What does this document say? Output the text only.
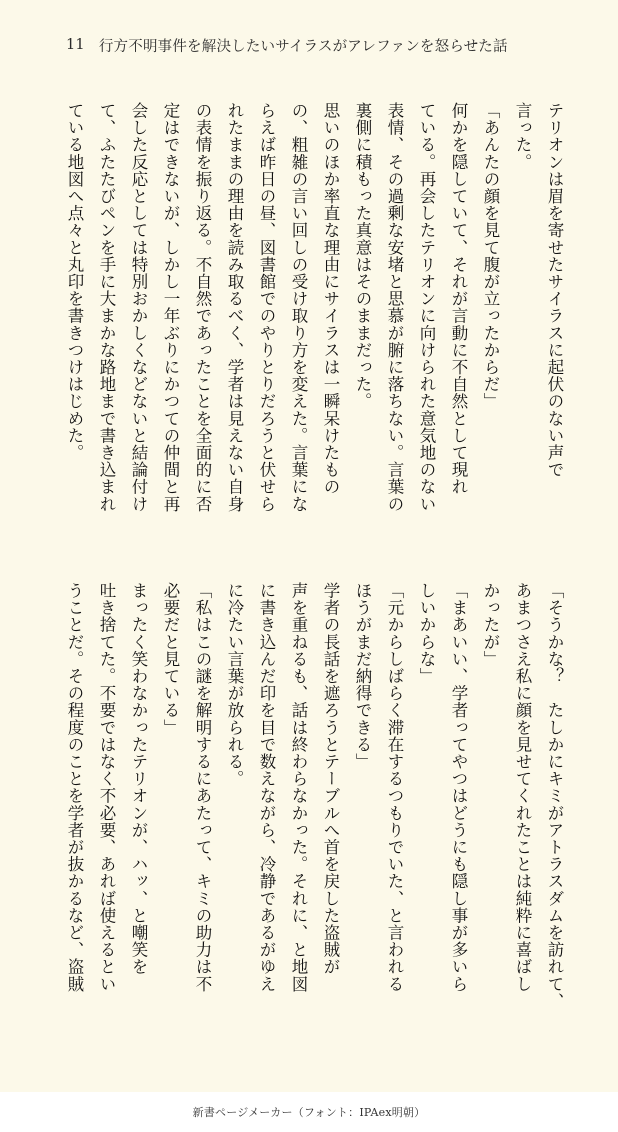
11 行方不明事件を解決したいサイラスがアレファンを怒らせた話

テリオンは眉を寄せたサイラスに起伏のない声で

言った。

「あんたの顔を見て腹が立ったからだ」

何かを隠していて、それが言動に不自然として現れ

ている。再会したテリオンに向けられた意気地のない

表情、その過剰な安堵と思慕が腑に落ちない。言葉の

裏側に積もった真意はそのままだった。

思いのほか率直な理由にサイラスは一瞬呆けたもの

の、粗雑の言い回しの受け取り方を変えた。言葉にな

らえば昨日の昼、図書館でのやりとりだろうと伏せら

れたままの理由を読み取るべく、学者は見えない自身

の表情を振り返る。不自然であったことを全面的に否

定はできないが、しかし一年ぶりにかつての仲間と再

会した反応としては特別おかしくなどないと結論付け

て、ふたたびペンを手に大まかな路地まで書き込まれ

ている地図へ点々と丸印を書きつけはじめた。

「そうかな？　たしかにキミがアトラスダムを訪れて、

あまつさえ私に顔を見せてくれたことは純粋に喜ばし

かったが」

「まあいい、学者ってやつはどうにも隠し事が多いら

しいからな」

「元からしばらく滞在するつもりでいた、と言われる

ほうがまだ納得できる」

学者の長話を遮ろうとテーブルへ首を戻した盗賊が

声を重ねるも、話は終わらなかった。それに、と地図

に書き込んだ印を目で数えながら、冷静であるがゆえ

に冷たい言葉が放られる。

「私はこの謎を解明するにあたって、キミの助力は不

必要だと見ている」

まったく笑わなかったテリオンが、ハッ、と嘲笑を

吐き捨てた。不要ではなく不必要、あれば使えるとい

うことだ。その程度のことを学者が抜かるなど、盗賊

新書ページメーカー（フォント：IPAex明朝）
